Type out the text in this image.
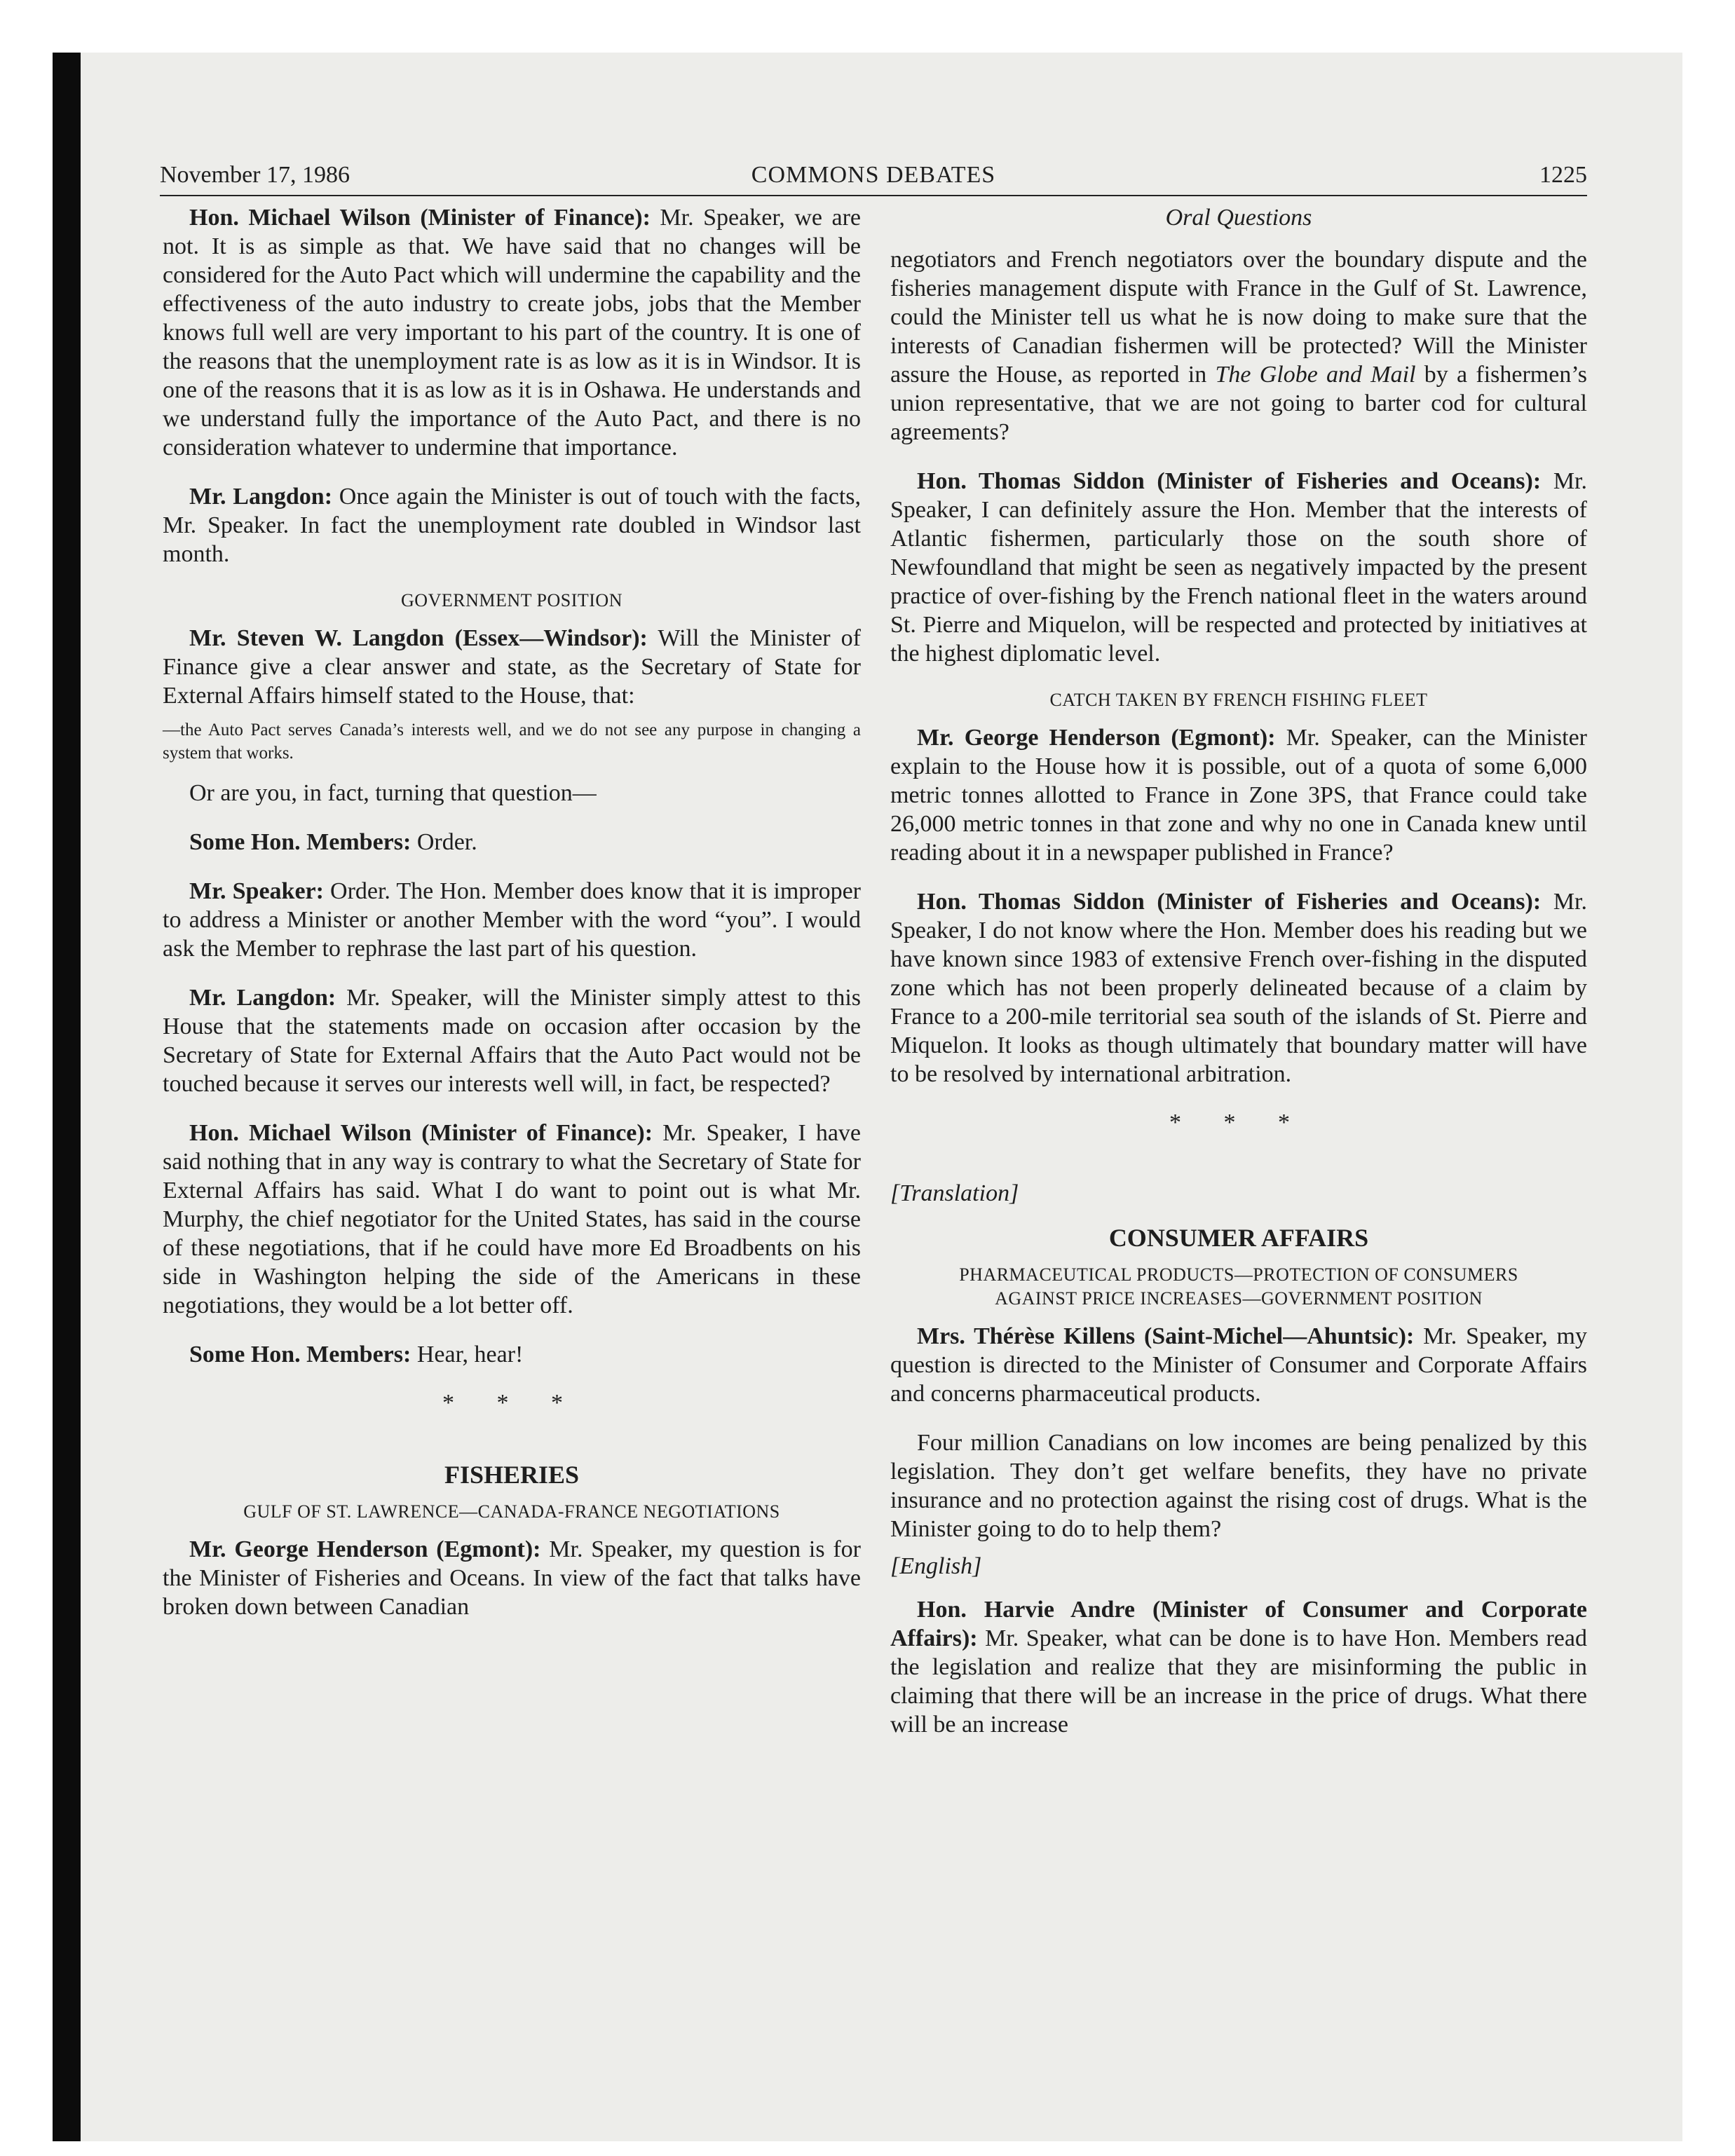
November 17, 1986	COMMONS DEBATES	1225

Hon. Michael Wilson (Minister of Finance): Mr. Speaker, we are not. It is as simple as that. We have said that no changes will be considered for the Auto Pact which will undermine the capability and the effectiveness of the auto industry to create jobs, jobs that the Member knows full well are very important to his part of the country. It is one of the reasons that the unemployment rate is as low as it is in Windsor. It is one of the reasons that it is as low as it is in Oshawa. He understands and we understand fully the importance of the Auto Pact, and there is no consideration whatever to undermine that importance.

Mr. Langdon: Once again the Minister is out of touch with the facts, Mr. Speaker. In fact the unemployment rate doubled in Windsor last month.

GOVERNMENT POSITION

Mr. Steven W. Langdon (Essex—Windsor): Will the Minister of Finance give a clear answer and state, as the Secretary of State for External Affairs himself stated to the House, that:

—the Auto Pact serves Canada’s interests well, and we do not see any purpose in changing a system that works.

Or are you, in fact, turning that question—

Some Hon. Members: Order.

Mr. Speaker: Order. The Hon. Member does know that it is improper to address a Minister or another Member with the word “you”. I would ask the Member to rephrase the last part of his question.

Mr. Langdon: Mr. Speaker, will the Minister simply attest to this House that the statements made on occasion after occasion by the Secretary of State for External Affairs that the Auto Pact would not be touched because it serves our interests well will, in fact, be respected?

Hon. Michael Wilson (Minister of Finance): Mr. Speaker, I have said nothing that in any way is contrary to what the Secretary of State for External Affairs has said. What I do want to point out is what Mr. Murphy, the chief negotiator for the United States, has said in the course of these negotiations, that if he could have more Ed Broadbents on his side in Washington helping the side of the Americans in these negotiations, they would be a lot better off.

Some Hon. Members: Hear, hear!

* * *
FISHERIES
GULF OF ST. LAWRENCE—CANADA-FRANCE NEGOTIATIONS

Mr. George Henderson (Egmont): Mr. Speaker, my question is for the Minister of Fisheries and Oceans. In view of the fact that talks have broken down between Canadian

Oral Questions

negotiators and French negotiators over the boundary dispute and the fisheries management dispute with France in the Gulf of St. Lawrence, could the Minister tell us what he is now doing to make sure that the interests of Canadian fishermen will be protected? Will the Minister assure the House, as reported in The Globe and Mail by a fishermen’s union representative, that we are not going to barter cod for cultural agreements?

Hon. Thomas Siddon (Minister of Fisheries and Oceans): Mr. Speaker, I can definitely assure the Hon. Member that the interests of Atlantic fishermen, particularly those on the south shore of Newfoundland that might be seen as negatively impacted by the present practice of over-fishing by the French national fleet in the waters around St. Pierre and Miquelon, will be respected and protected by initiatives at the highest diplomatic level.

CATCH TAKEN BY FRENCH FISHING FLEET

Mr. George Henderson (Egmont): Mr. Speaker, can the Minister explain to the House how it is possible, out of a quota of some 6,000 metric tonnes allotted to France in Zone 3PS, that France could take 26,000 metric tonnes in that zone and why no one in Canada knew until reading about it in a newspaper published in France?

Hon. Thomas Siddon (Minister of Fisheries and Oceans): Mr. Speaker, I do not know where the Hon. Member does his reading but we have known since 1983 of extensive French over-fishing in the disputed zone which has not been properly delineated because of a claim by France to a 200-mile territorial sea south of the islands of St. Pierre and Miquelon. It looks as though ultimately that boundary matter will have to be resolved by international arbitration.

* * *
[Translation]
CONSUMER AFFAIRS
PHARMACEUTICAL PRODUCTS—PROTECTION OF CONSUMERS
AGAINST PRICE INCREASES—GOVERNMENT POSITION

Mrs. Thérèse Killens (Saint-Michel—Ahuntsic): Mr. Speaker, my question is directed to the Minister of Consumer and Corporate Affairs and concerns pharmaceutical products.

Four million Canadians on low incomes are being penalized by this legislation. They don’t get welfare benefits, they have no private insurance and no protection against the rising cost of drugs. What is the Minister going to do to help them?

[English]

Hon. Harvie Andre (Minister of Consumer and Corporate Affairs): Mr. Speaker, what can be done is to have Hon. Members read the legislation and realize that they are misinforming the public in claiming that there will be an increase in the price of drugs. What there will be an increase
